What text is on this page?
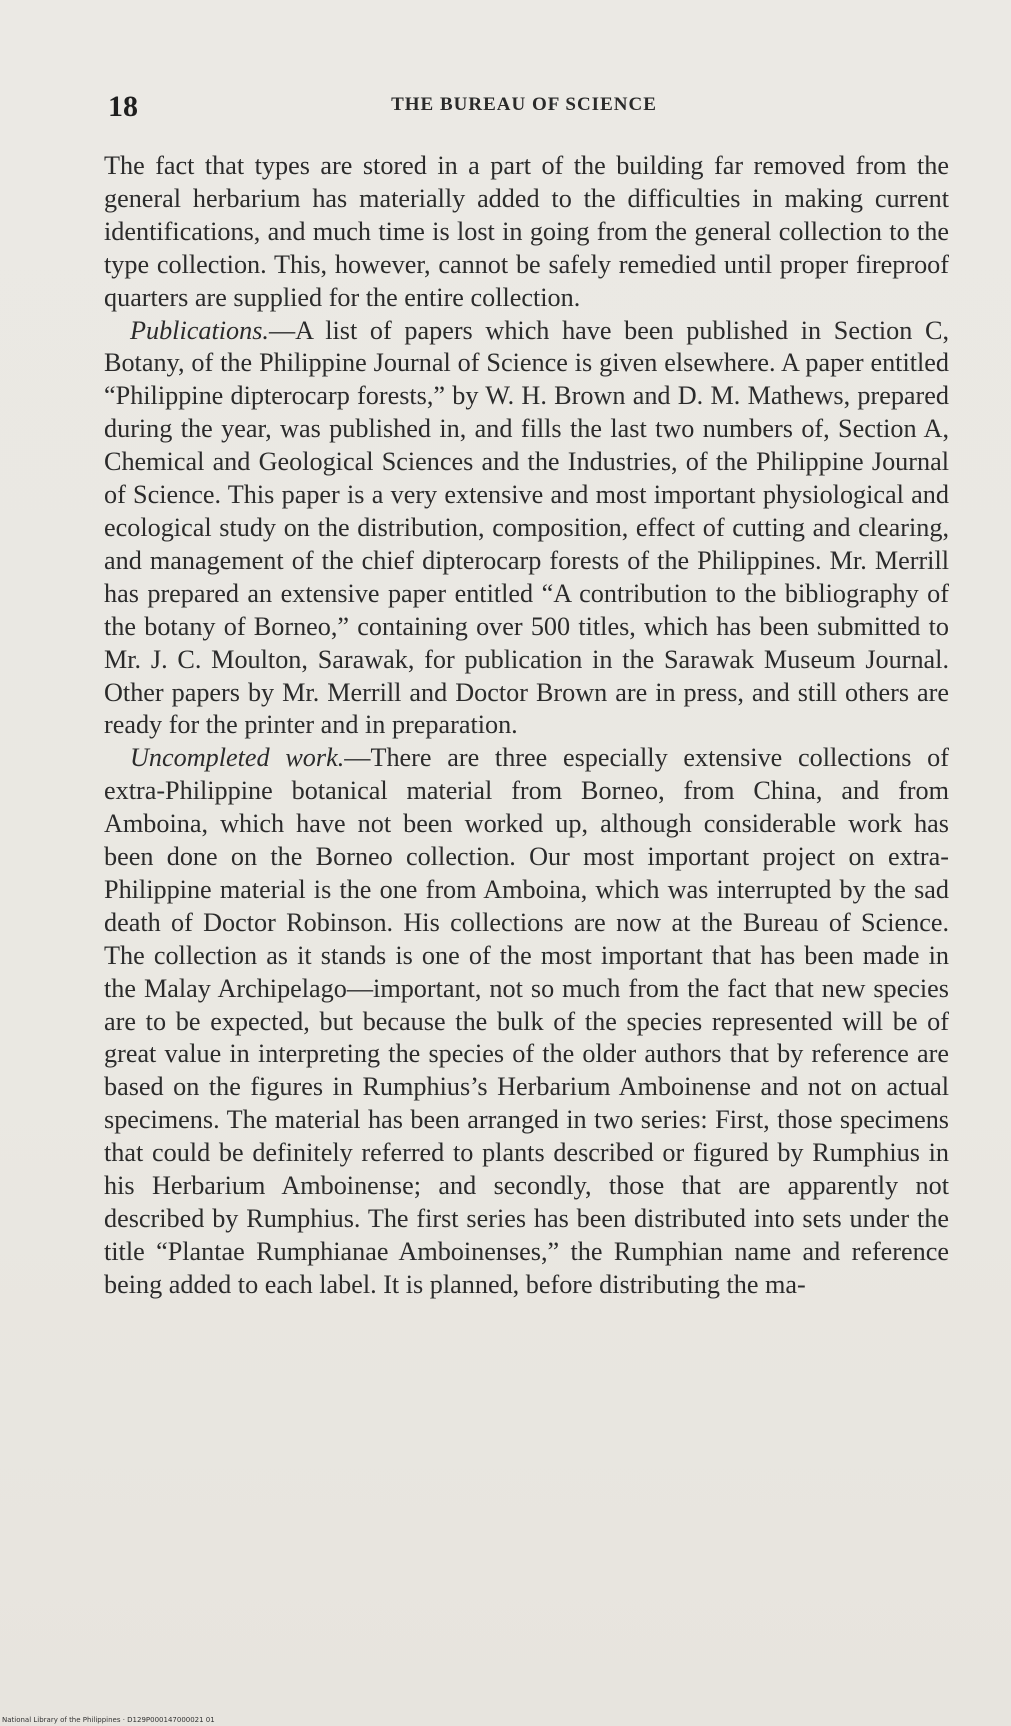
18	THE BUREAU OF SCIENCE

The fact that types are stored in a part of the building far removed from the general herbarium has materially added to the difficulties in making current identifications, and much time is lost in going from the general collection to the type collection. This, however, cannot be safely remedied until proper fireproof quarters are supplied for the entire collection.

Publications.—A list of papers which have been published in Section C, Botany, of the Philippine Journal of Science is given elsewhere. A paper entitled “Philippine dipterocarp forests,” by W. H. Brown and D. M. Mathews, prepared during the year, was published in, and fills the last two numbers of, Section A, Chemical and Geological Sciences and the Industries, of the Philippine Journal of Science. This paper is a very extensive and most important physiological and ecological study on the distribution, composition, effect of cutting and clearing, and management of the chief dipterocarp forests of the Philippines. Mr. Merrill has prepared an extensive paper entitled “A contribution to the bibliography of the botany of Borneo,” containing over 500 titles, which has been submitted to Mr. J. C. Moulton, Sarawak, for publication in the Sarawak Museum Journal. Other papers by Mr. Merrill and Doctor Brown are in press, and still others are ready for the printer and in preparation.

Uncompleted work.—There are three especially extensive collections of extra-Philippine botanical material from Borneo, from China, and from Amboina, which have not been worked up, although considerable work has been done on the Borneo collection. Our most important project on extra-Philippine material is the one from Amboina, which was interrupted by the sad death of Doctor Robinson. His collections are now at the Bureau of Science. The collection as it stands is one of the most important that has been made in the Malay Archipelago—important, not so much from the fact that new species are to be expected, but because the bulk of the species represented will be of great value in interpreting the species of the older authors that by reference are based on the figures in Rumphius’s Herbarium Amboinense and not on actual specimens. The material has been arranged in two series: First, those specimens that could be definitely referred to plants described or figured by Rumphius in his Herbarium Amboinense; and secondly, those that are apparently not described by Rumphius. The first series has been distributed into sets under the title “Plantae Rumphianae Amboinenses,” the Rumphian name and reference being added to each label. It is planned, before distributing the ma-

National Library of the Philippines · D129P000147000021 01
